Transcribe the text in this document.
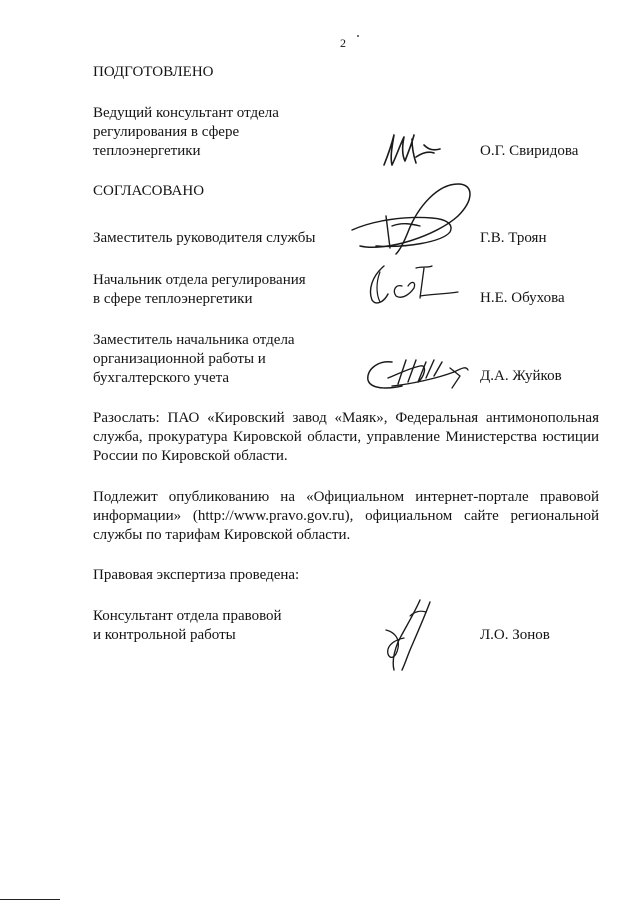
2
ПОДГОТОВЛЕНО
Ведущий консультант отдела
регулирования в сфере
теплоэнергетики	О.Г. Свиридова
СОГЛАСОВАНО
Заместитель руководителя службы	Г.В. Троян
Начальник отдела регулирования
в сфере теплоэнергетики	Н.Е. Обухова
Заместитель начальника отдела
организационной работы и
бухгалтерского учета	Д.А. Жуйков
Разослать: ПАО «Кировский завод «Маяк», Федеральная антимонопольная служба, прокуратура Кировской области, управление Министерства юстиции России по Кировской области.
Подлежит опубликованию на «Официальном интернет-портале правовой информации» (http://www.pravo.gov.ru), официальном сайте региональной службы по тарифам Кировской области.
Правовая экспертиза проведена:
Консультант отдела правовой
и контрольной работы	Л.О. Зонов
